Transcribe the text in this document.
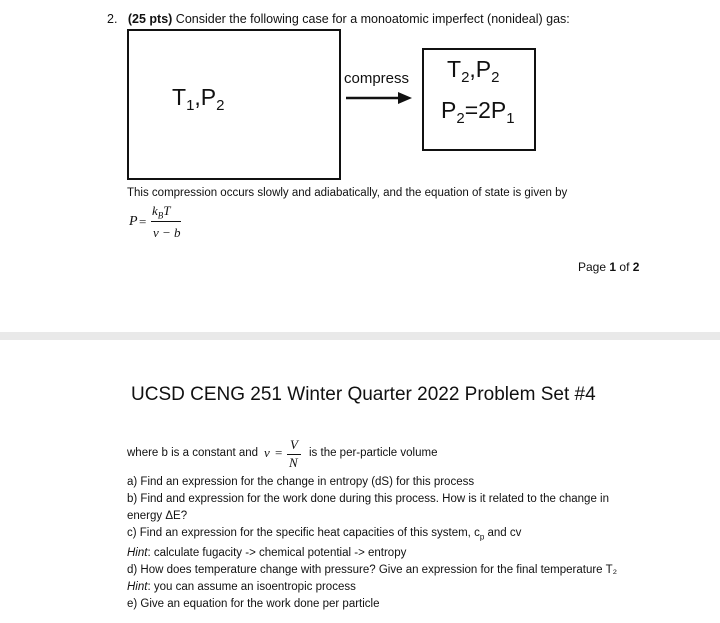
2. (25 pts) Consider the following case for a monoatomic imperfect (nonideal) gas:
$T_1,P_2$
compress $T_2,P_2$
$P_2=2P_1$
This compression occurs slowly and adiabatically, and the equation of state is given by
P =
$k_BT$
v − b
Page 1 of 2
UCSD CENG 251 Winter Quarter 2022 Problem Set #4
where b is a constant and v =
V
N
is the per-particle volume
a) Find an expression for the change in entropy (dS) for this process
b) Find and expression for the work done during this process. How is it related to the change in
energy ΔE?
c) Find an expression for the specific heat capacities of this system, $c_p$ and cv
Hint: calculate fugacity -> chemical potential -> entropy
d) How does temperature change with pressure? Give an expression for the final temperature T₂
Hint: you can assume an isoentropic process
e) Give an equation for the work done per particle
